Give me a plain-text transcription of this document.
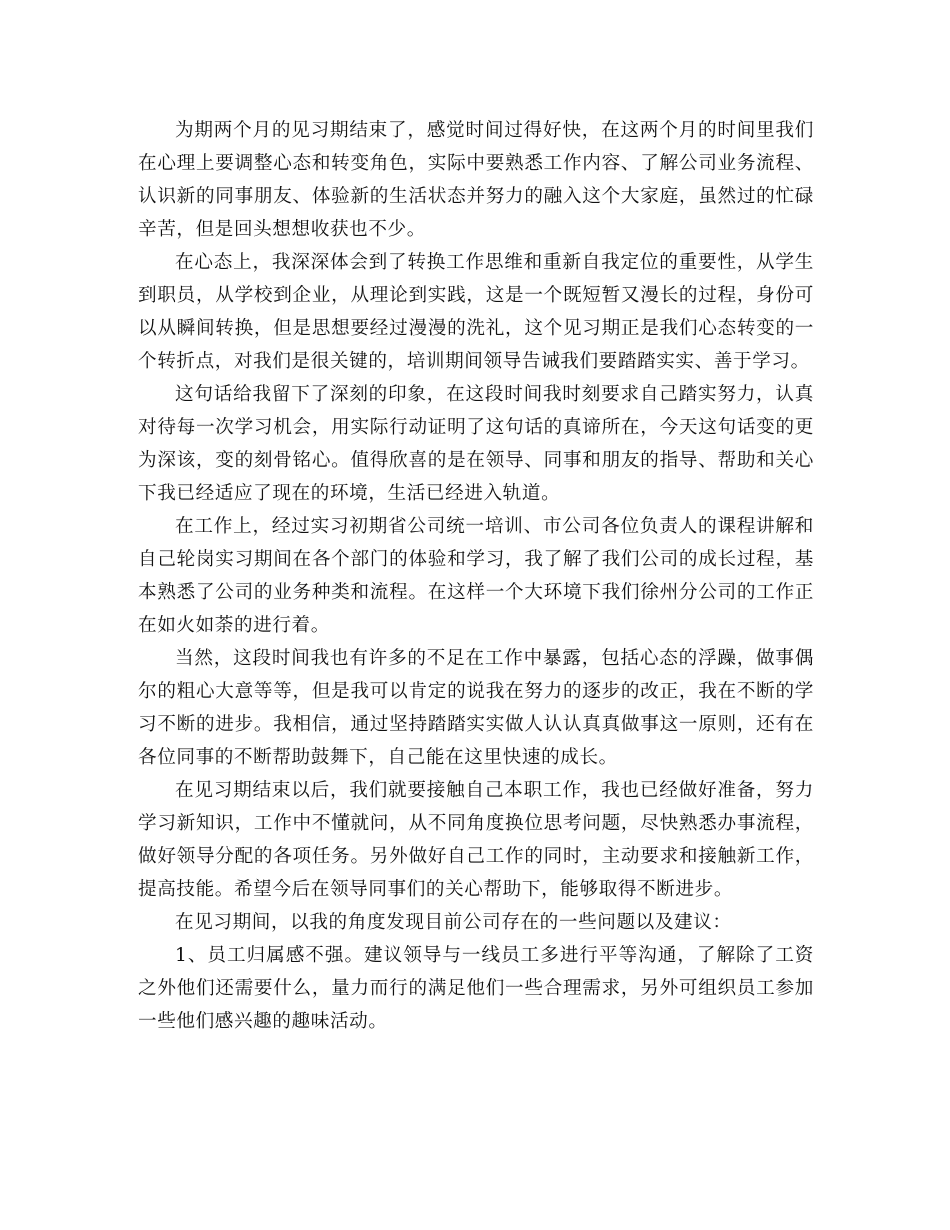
为期两个月的见习期结束了，感觉时间过得好快，在这两个月的时间里我们在心理上要调整心态和转变角色，实际中要熟悉工作内容、了解公司业务流程、认识新的同事朋友、体验新的生活状态并努力的融入这个大家庭，虽然过的忙碌辛苦，但是回头想想收获也不少。

在心态上，我深深体会到了转换工作思维和重新自我定位的重要性，从学生到职员，从学校到企业，从理论到实践，这是一个既短暂又漫长的过程，身份可以从瞬间转换，但是思想要经过漫漫的洗礼，这个见习期正是我们心态转变的一个转折点，对我们是很关键的，培训期间领导告诫我们要踏踏实实、善于学习。

这句话给我留下了深刻的印象，在这段时间我时刻要求自己踏实努力，认真对待每一次学习机会，用实际行动证明了这句话的真谛所在，今天这句话变的更为深该，变的刻骨铭心。值得欣喜的是在领导、同事和朋友的指导、帮助和关心下我已经适应了现在的环境，生活已经进入轨道。

在工作上，经过实习初期省公司统一培训、市公司各位负责人的课程讲解和自己轮岗实习期间在各个部门的体验和学习，我了解了我们公司的成长过程，基本熟悉了公司的业务种类和流程。在这样一个大环境下我们徐州分公司的工作正在如火如荼的进行着。

当然，这段时间我也有许多的不足在工作中暴露，包括心态的浮躁，做事偶尔的粗心大意等等，但是我可以肯定的说我在努力的逐步的改正，我在不断的学习不断的进步。我相信，通过坚持踏踏实实做人认认真真做事这一原则，还有在各位同事的不断帮助鼓舞下，自己能在这里快速的成长。

在见习期结束以后，我们就要接触自己本职工作，我也已经做好准备，努力学习新知识，工作中不懂就问，从不同角度换位思考问题，尽快熟悉办事流程，做好领导分配的各项任务。另外做好自己工作的同时，主动要求和接触新工作，提高技能。希望今后在领导同事们的关心帮助下，能够取得不断进步。

在见习期间，以我的角度发现目前公司存在的一些问题以及建议：

1、员工归属感不强。建议领导与一线员工多进行平等沟通，了解除了工资之外他们还需要什么，量力而行的满足他们一些合理需求，另外可组织员工参加一些他们感兴趣的趣味活动。
